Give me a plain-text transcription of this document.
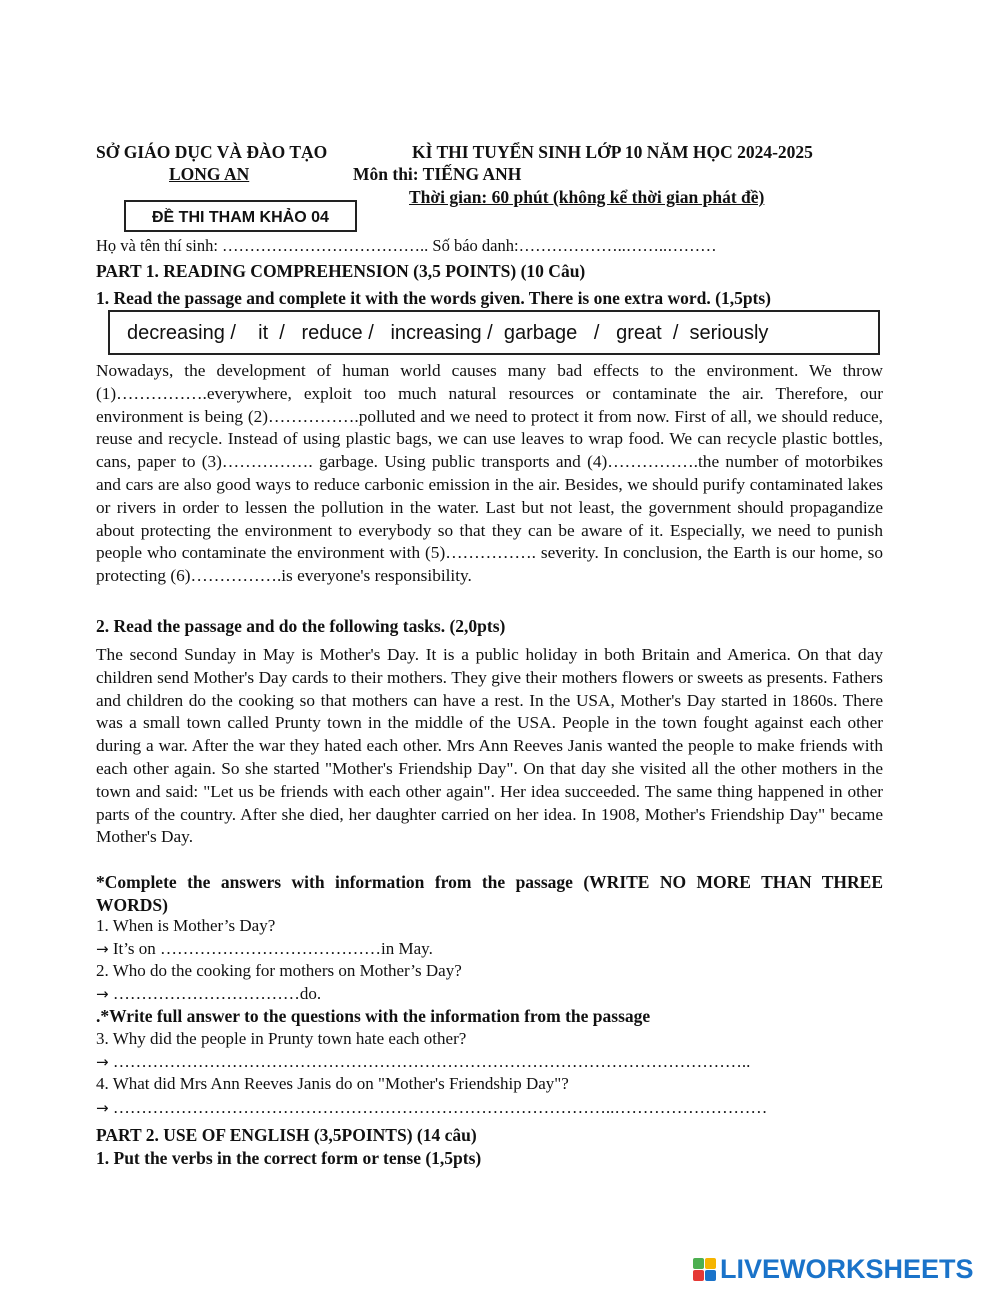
SỞ GIÁO DỤC VÀ ĐÀO TẠO	KÌ THI TUYỂN SINH LỚP 10 NĂM HỌC 2024-2025
LONG AN	Môn thi: TIẾNG ANH
Thời gian: 60 phút (không kể thời gian phát đề)
ĐỀ THI THAM KHẢO 04
Họ và tên thí sinh: ……………………………….. Số báo danh:………………..……..………
PART 1. READING COMPREHENSION (3,5 POINTS) (10 Câu)
1. Read the passage and complete it with the words given. There is one extra word. (1,5pts)
decreasing /    it  /   reduce /   increasing /  garbage   /   great  /  seriously

Nowadays, the development of human world causes many bad effects to the environment. We throw (1)…………….everywhere, exploit too much natural resources or contaminate the air. Therefore, our environment is being (2)…………….polluted and we need to protect it from now. First of all, we should reduce, reuse and recycle. Instead of using plastic bags, we can use leaves to wrap food. We can recycle plastic bottles, cans, paper to (3)……………. garbage. Using public transports and (4)…………….the number of motorbikes and cars are also good ways to reduce carbonic emission in the air. Besides, we should purify contaminated lakes or rivers in order to lessen the pollution in the water. Last but not least, the government should propagandize about protecting the environment to everybody so that they can be aware of it. Especially, we need to punish people who contaminate the environment with (5)……………. severity. In conclusion, the Earth is our home, so protecting (6)…………….is everyone's responsibility.

2. Read the passage and do the following tasks. (2,0pts)

The second Sunday in May is Mother's Day. It is a public holiday in both Britain and America. On that day children send Mother's Day cards to their mothers. They give their mothers flowers or sweets as presents. Fathers and children do the cooking so that mothers can have a rest. In the USA, Mother's Day started in 1860s. There was a small town called Prunty town in the middle of the USA. People in the town fought against each other during a war. After the war they hated each other. Mrs Ann Reeves Janis wanted the people to make friends with each other again. So she started "Mother's Friendship Day". On that day she visited all the other mothers in the town and said: "Let us be friends with each other again". Her idea succeeded. The same thing happened in other parts of the country. After she died, her daughter carried on her idea. In 1908, Mother's Friendship Day" became Mother's Day.

*Complete the answers with information from the passage (WRITE NO MORE THAN THREE WORDS)

1. When is Mother’s Day?
→ It’s on …………………………………in May.
2. Who do the cooking for mothers on Mother’s Day?
→ ……………………………do.
.*Write full answer to the questions with the information from the passage
3. Why did the people in Prunty town hate each other?
→ …………………………………………………………………………………………………..
4. What did Mrs Ann Reeves Janis do on "Mother's Friendship Day"?
→ ……………………………………………………………………………..………………………
PART 2. USE OF ENGLISH (3,5POINTS) (14 câu)
1. Put the verbs in the correct form or tense (1,5pts)
LIVEWORKSHEETS
